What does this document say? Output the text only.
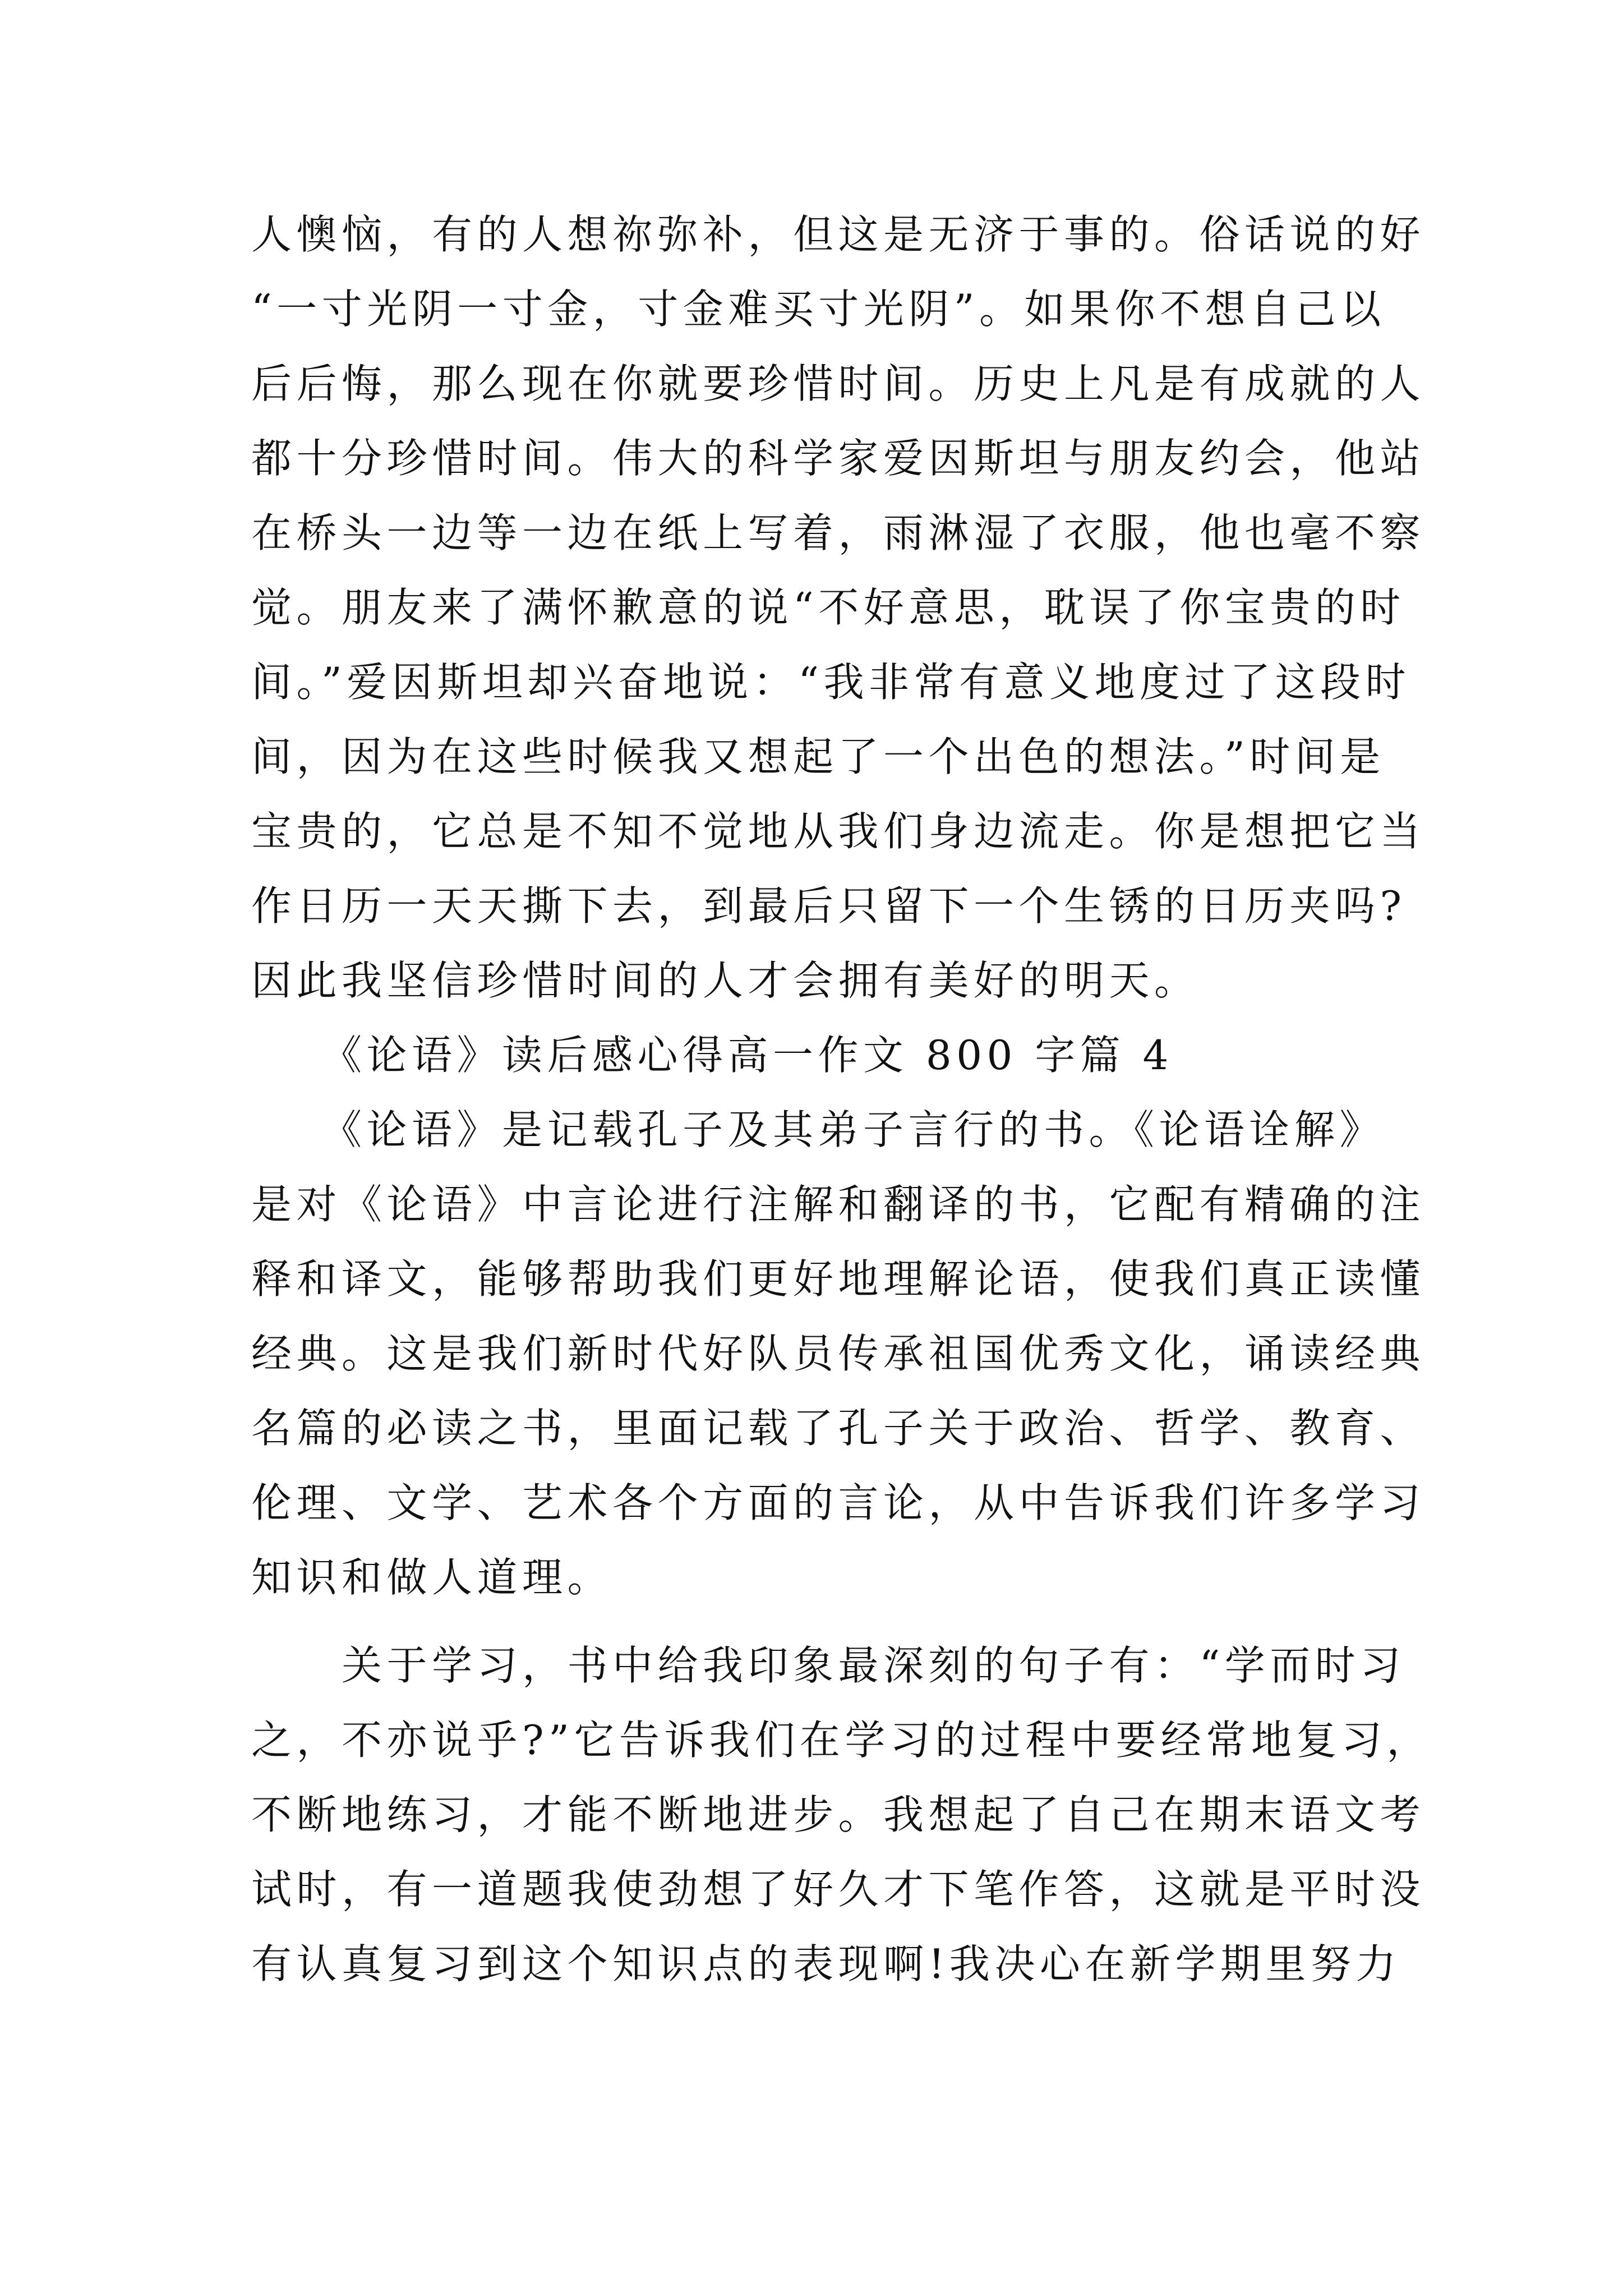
人懊恼，有的人想祢弥补，但这是无济于事的。俗话说的好

“一寸光阴一寸金，寸金难买寸光阴”。如果你不想自己以

后后悔，那么现在你就要珍惜时间。历史上凡是有成就的人

都十分珍惜时间。伟大的科学家爱因斯坦与朋友约会，他站

在桥头一边等一边在纸上写着，雨淋湿了衣服，他也毫不察

觉。朋友来了满怀歉意的说“不好意思，耽误了你宝贵的时

间。”爱因斯坦却兴奋地说：“我非常有意义地度过了这段时

间，因为在这些时候我又想起了一个出色的想法。”时间是

宝贵的，它总是不知不觉地从我们身边流走。你是想把它当

作日历一天天撕下去，到最后只留下一个生锈的日历夹吗?

因此我坚信珍惜时间的人才会拥有美好的明天。

　　《论语》读后感心得高一作文 800 字篇 4

　　《论语》是记载孔子及其弟子言行的书。《论语诠解》

是对《论语》中言论进行注解和翻译的书，它配有精确的注

释和译文，能够帮助我们更好地理解论语，使我们真正读懂

经典。这是我们新时代好队员传承祖国优秀文化，诵读经典

名篇的必读之书，里面记载了孔子关于政治、哲学、教育、

伦理、文学、艺术各个方面的言论，从中告诉我们许多学习

知识和做人道理。

　　关于学习，书中给我印象最深刻的句子有：“学而时习

之，不亦说乎?”它告诉我们在学习的过程中要经常地复习，

不断地练习，才能不断地进步。我想起了自己在期末语文考

试时，有一道题我使劲想了好久才下笔作答，这就是平时没

有认真复习到这个知识点的表现啊!我决心在新学期里努力
